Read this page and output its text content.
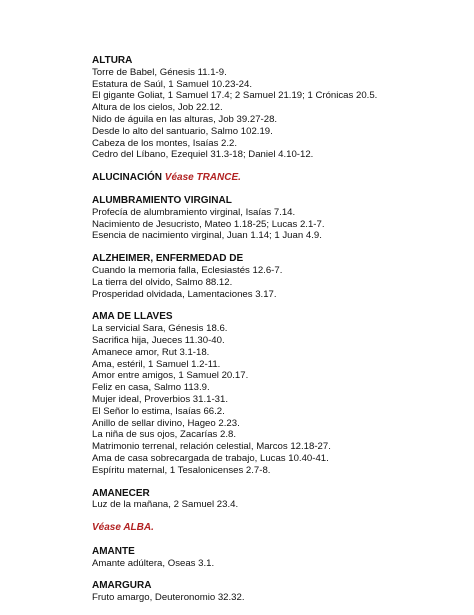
ALTURA

Torre de Babel, Génesis 11.1-9.

Estatura de Saúl, 1 Samuel 10.23-24.

El gigante Goliat, 1 Samuel 17.4; 2 Samuel 21.19; 1 Crónicas 20.5.

Altura de los cielos, Job 22.12.

Nido de águila en las alturas, Job 39.27-28.

Desde lo alto del santuario, Salmo 102.19.

Cabeza de los montes, Isaías 2.2.

Cedro del Líbano, Ezequiel 31.3-18; Daniel 4.10-12.

ALUCINACIÓN Véase TRANCE.

ALUMBRAMIENTO VIRGINAL

Profecía de alumbramiento virginal, Isaías 7.14.

Nacimiento de Jesucristo, Mateo 1.18-25; Lucas 2.1-7.

Esencia de nacimiento virginal, Juan 1.14; 1 Juan 4.9.

ALZHEIMER, ENFERMEDAD DE

Cuando la memoria falla, Eclesiastés 12.6-7.

La tierra del olvido, Salmo 88.12.

Prosperidad olvidada, Lamentaciones 3.17.

AMA DE LLAVES

La servicial Sara, Génesis 18.6.

Sacrifica hija, Jueces 11.30-40.

Amanece amor, Rut 3.1-18.

Ama, estéril, 1 Samuel 1.2-11.

Amor entre amigos, 1 Samuel 20.17.

Feliz en casa, Salmo 113.9.

Mujer ideal, Proverbios 31.1-31.

El Señor lo estima, Isaías 66.2.

Anillo de sellar divino, Hageo 2.23.

La niña de sus ojos, Zacarías 2.8.

Matrimonio terrenal, relación celestial, Marcos 12.18-27.

Ama de casa sobrecargada de trabajo, Lucas 10.40-41.

Espíritu maternal, 1 Tesalonicenses 2.7-8.

AMANECER

Luz de la mañana, 2 Samuel 23.4.

Véase ALBA.

AMANTE

Amante adúltera, Oseas 3.1.

AMARGURA

Fruto amargo, Deuteronomio 32.32.
